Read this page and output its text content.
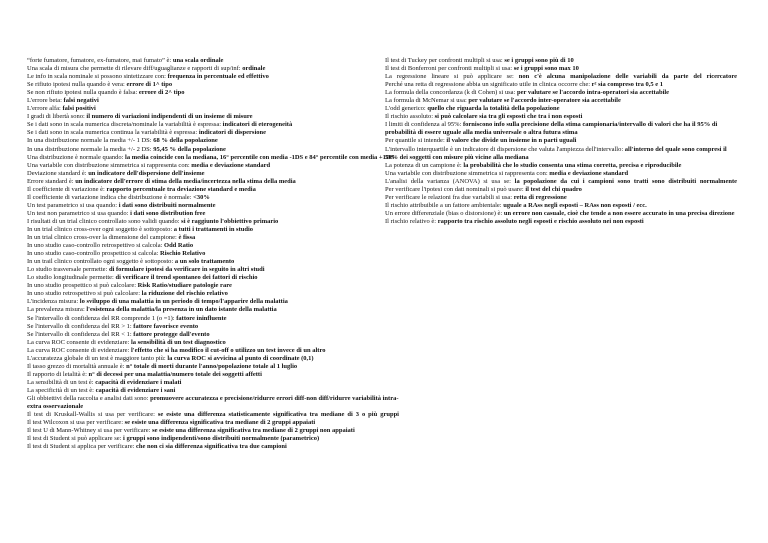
“forte fumatore, fumatore, ex-fumatore, mai fumato” è: una scala ordinale
Una scala di misura che permette di rilevare diff/uguaglianze e rapporti di sup/inf: ordinale
Le info in scala nominale si possono sintetizzare con: frequenza in percentuale ed effettivo
Se rifiuto ipotesi nulla quando è vera: errore di 1^ tipo
Se non rifiuto ipotesi nulla quando è falsa: errore di 2^ tipo
L'errore beta: falsi negativi
L'errore alfa: falsi positivi
I gradi di libertà sono: il numero di variazioni indipendenti di un insieme di misure
Se i dati sono in scala numerica discreta/nominale la variabilità è espressa: indicatori di eterogeneità
Se i dati sono in scala numerica continua la variabilità è espressa: indicatori di dispersione
In una distribuzione normale la media +/- 1 DS: 68 % della popolazione
In una distribuzione normale la media +/- 2 DS: 95,45 % della popolazione
Una distribuzione è normale quando: la media coincide con la mediana, 16° percentile con media -1DS e 84° percentile con media +1DS
Una variabile con distribuzione simmetrica si rappresenta con: media e deviazione standard
Deviazione standard è: un indicatore dell'dispersione dell'insieme
Errore standard è: un indicatore dell'errore di stima della media/incertezza nella stima della media
Il coefficiente di variazione è: rapporto percentuale tra deviazione standard e media
Il coefficiente di variazione indica che distribuzione è normale: <30%
Un test parametrico si usa quando: i dati sono distribuiti normalmente
Un test non parametrico si usa quando: i dati sono distribution free
I risultati di un trial clinico controllato sono validi quando: si è raggiunto l'obbiettivo primario
In un trial clinico cross-over ogni soggetto è sottoposto: a tutti i trattamenti in studio
In un trial clinico cross-over la dimensione del campione: è fissa
In uno studio caso-controllo retrospettivo si calcola: Odd Ratio
In uno studio caso-controllo prospettico si calcola: Rischio Relativo
In un trail clinico controllato ogni soggetto è sottoposto: a un solo trattamento
Lo studio trasversale permette: di formulare ipotesi da verificare in seguito in altri studi
Lo studio longitudinale permette: di verificare il trend spontaneo dei fattori di rischio
In uno studio prospettico si può calcolare: Risk Ratio/studiare patologie rare
In uno studio retrospettivo si può calcolare: la riduzione del rischio relativo
L'incidenza misura: lo sviluppo di una malattia in un periodo di tempo/l'apparire della malattia
La prevalenza misura: l'esistenza della malattia/la presenza in un dato istante della malattia
Se l'intervallo di confidenza del RR comprende 1 (o =1): fattore ininfluente
Se l'intervallo di confidenza del RR > 1: fattore favorisce evento
Se l'intervallo di confidenza del RR < 1: fattore protegge dall'evento
La curva ROC consente di evidenziare: la sensibilità di un test diagnostico
La curva ROC consente di evidenziare: l'effetto che si ha modifico il cut-off o utilizzo un test invece di un altro
L'accuratezza globale di un test è maggiore tanto più: la curva ROC si avvicina al punto di coordinate (0,1)
Il tasso grezzo di mortalità annuale è: n° totale di morti durante l'anno/popolazione totale al 1 luglio
Il rapporto di letalità è: n° di decessi per una malattia/numero totale dei soggetti affetti
La sensibilità di un test è: capacità di evidenziare i malati
La specificità di un test è: capacità di evidenziare i sani
Gli obbiettivi della raccolta e analisi dati sono: promuovere accuratezza e precisione/ridurre errori diff-non diff/ridurre variabilità intra-extra osservazionale
Il test di Kruskall-Wallis si usa per verificare: se esiste una differenza statisticamente significativa tra mediane di 3 o più gruppi
Il test Wilcoxon si usa per verificare: se esiste una differenza significativa tra mediane di 2 gruppi appaiati
Il test U di Mann-Whitney si usa per verificare: se esiste una differenza significativa tra mediane di 2 gruppi non appaiati
Il test di Student si può applicare se: i gruppi sono indipendenti/sono distribuiti normalmente (parametrico)
Il test di Student si applica per verificare: che non ci sia differenza significativa tra due campioni
Il test di Tuckey per confronti multipli si usa: se i gruppi sono più di 10
Il test di Bonferroni per confronti multipli si usa: se i gruppi sono max 10
La regressione lineare si può applicare se: non c'è alcuna manipolazione delle variabili da parte del ricercatore
Perché una retta di regressione abbia un significato utile in clinica occorre che: r² sia compreso tra 0,5 e 1
La formula della concordanza (k di Cohen) si usa: per valutare se l'accordo intra-operatori sia accettabile
La formula di McNemar si usa: per valutare se l'accordo inter-operatore sia accettabile
L'odd generico: quello che riguarda la totalità della popolazione
Il rischio assoluto: si può calcolare sia tra gli esposti che tra i non esposti
I limiti di confidenza al 95%: forniscono info sulla precisione della stima campionaria/intervallo di valori che ha il 95% di probabilità di essere uguale alla media universale o altra futura stima
Per quantile si intende: il valore che divide un insieme in n parti uguali
L'intervallo interquartile è un indicatore di dispersione che valuta l'ampiezza dell'intervallo: all'interno del quale sono compresi il 50% dei soggetti con misure più vicine alla mediana
La potenza di un campione è: la probabilità che lo studio consenta una stima corretta, precisa e riproducibile
Una variabile con distribuzione simmetrica si rappresenta con: media e deviazione standard
L'analisi della varianza (ANOVA) si usa se: la popolazione da cui i campioni sono tratti sono distribuiti normalmente
Per verificare l'ipotesi con dati nominali si può usare: il test del chi quadro
Per verificare le relazioni fra due variabili si usa: retta di regressione
Il rischio attribuibile a un fattore ambientale: uguale a RAss negli esposti – RAss non esposti / ecc.
Un errore differenziale (bias o distorsione) è: un errore non casuale, cioè che tende a non essere accurato in una precisa direzione
Il rischio relativo è: rapporto tra rischio assoluto negli esposti e rischio assoluto nei non esposti
